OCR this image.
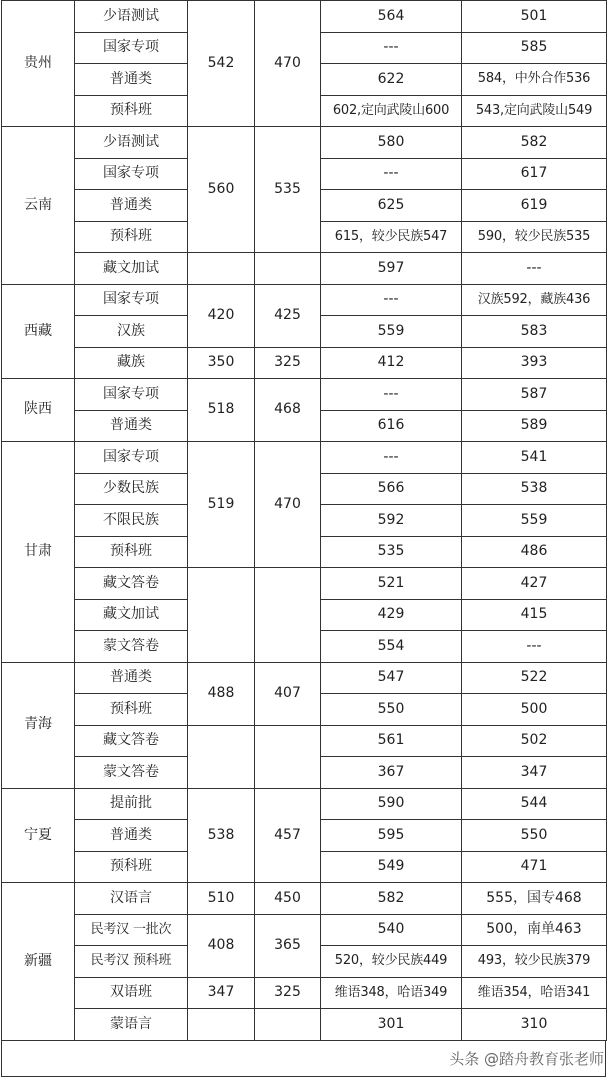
贵州	少语测试	542	470	564	501
	国家专项			---	585
	普通类			622	584，中外合作536
	预科班			602,定向武陵山600	543,定向武陵山549
云南	少语测试	560	535	580	582
	国家专项			---	617
	普通类			625	619
	预科班			615，较少民族547	590，较少民族535
	藏文加试			597	---
西藏	国家专项	420	425	---	汉族592，藏族436
	汉族			559	583
	藏族	350	325	412	393
陕西	国家专项	518	468	---	587
	普通类			616	589
甘肃	国家专项	519	470	---	541
	少数民族			566	538
	不限民族			592	559
	预科班			535	486
	藏文答卷			521	427
	藏文加试			429	415
	蒙文答卷			554	---
青海	普通类	488	407	547	522
	预科班			550	500
	藏文答卷			561	502
	蒙文答卷			367	347
宁夏	提前批	538	457	590	544
	普通类			595	550
	预科班			549	471
新疆	汉语言	510	450	582	555，国专468
	民考汉 一批次	408	365	540	500，南单463
	民考汉 预科班			520，较少民族449	493，较少民族379
	双语班	347	325	维语348，哈语349	维语354，哈语341
	蒙语言			301	310
头条 @踏舟教育张老师
